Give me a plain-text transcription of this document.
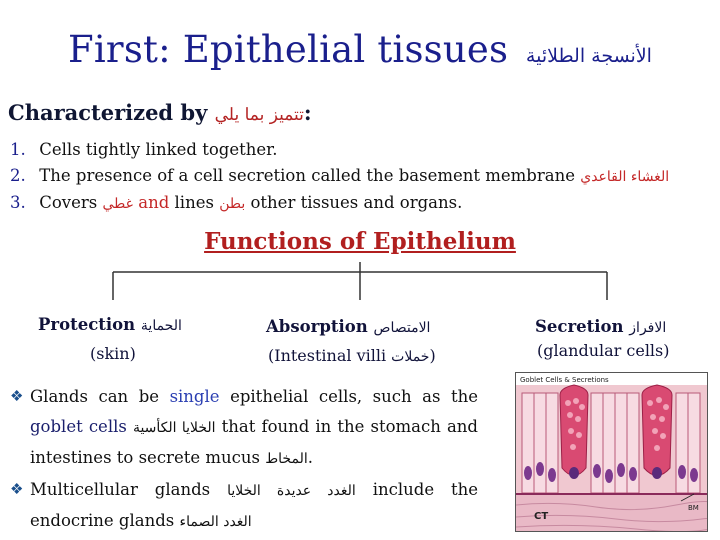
First: Epithelial tissues الأنسجة الطلائية
Characterized by تتميز بما يلي:
1. Cells tightly linked together.
2. The presence of a cell secretion called the basement membrane الغشاء القاعدي
3. Covers غطي and lines بطن other tissues and organs.
Functions of Epithelium
Protection الحماية
(skin)
Absorption الامتصاص
(Intestinal villi خملات)
Secretion الافراز
(glandular cells)
❖ Glands can be single epithelial cells, such as the goblet cells الخلايا الكأسية that found in the stomach and intestines to secrete mucus المخاط.
❖ Multicellular glands الغدد عديدة الخلايا include the endocrine glands الغدد الصماء
Goblet Cells & Secretions
CT
BM
